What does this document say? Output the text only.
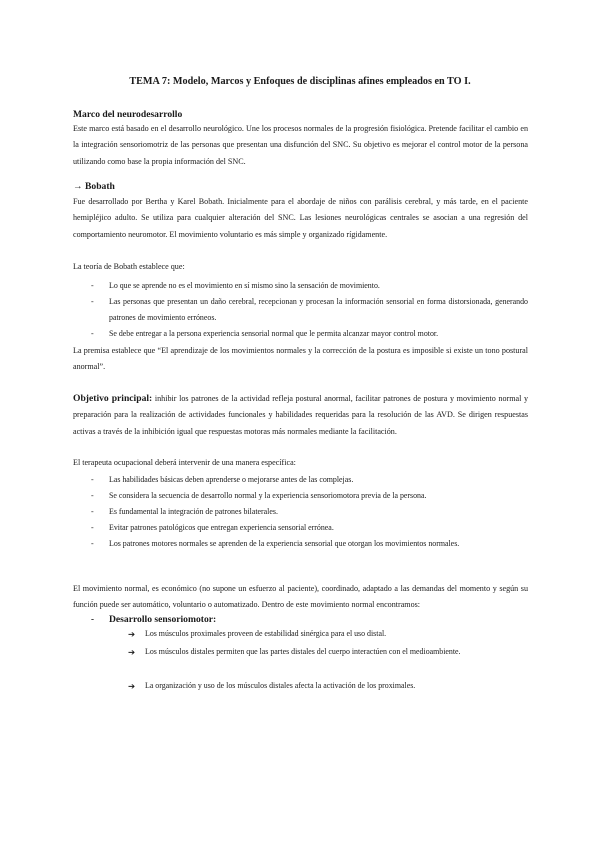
TEMA 7: Modelo, Marcos y Enfoques de disciplinas afines empleados en TO I.
Marco del neurodesarrollo

Este marco está basado en el desarrollo neurológico. Une los procesos normales de la progresión fisiológica. Pretende facilitar el cambio en la integración sensoriomotriz de las personas que presentan una disfunción del SNC. Su objetivo es mejorar el control motor de la persona utilizando como base la propia información del SNC.

→ Bobath

Fue desarrollado por Bertha y Karel Bobath. Inicialmente para el abordaje de niños con parálisis cerebral, y más tarde, en el paciente hemipléjico adulto. Se utiliza para cualquier alteración del SNC. Las lesiones neurológicas centrales se asocian a una regresión del comportamiento neuromotor. El movimiento voluntario es más simple y organizado rígidamente.

La teoría de Bobath establece que:

- Lo que se aprende no es el movimiento en sí mismo sino la sensación de movimiento.
- Las personas que presentan un daño cerebral, recepcionan y procesan la información sensorial en forma distorsionada, generando patrones de movimiento erróneos.
- Se debe entregar a la persona experiencia sensorial normal que le permita alcanzar mayor control motor.

La premisa establece que “El aprendizaje de los movimientos normales y la corrección de la postura es imposible si existe un tono postural anormal”.

Objetivo principal: inhibir los patrones de la actividad refleja postural anormal, facilitar patrones de postura y movimiento normal y preparación para la realización de actividades funcionales y habilidades requeridas para la resolución de las AVD. Se dirigen respuestas activas a través de la inhibición igual que respuestas motoras más normales mediante la facilitación.

El terapeuta ocupacional deberá intervenir de una manera específica:

- Las habilidades básicas deben aprenderse o mejorarse antes de las complejas.
- Se considera la secuencia de desarrollo normal y la experiencia sensoriomotora previa de la persona.
- Es fundamental la integración de patrones bilaterales.
- Evitar patrones patológicos que entregan experiencia sensorial errónea.
- Los patrones motores normales se aprenden de la experiencia sensorial que otorgan los movimientos normales.

El movimiento normal, es económico (no supone un esfuerzo al paciente), coordinado, adaptado a las demandas del momento y según su función puede ser automático, voluntario o automatizado. Dentro de este movimiento normal encontramos:

- Desarrollo sensoriomotor:
➔ Los músculos proximales proveen de estabilidad sinérgica para el uso distal.
➔ Los músculos distales permiten que las partes distales del cuerpo interactúen con el medioambiente.
➔ La organización y uso de los músculos distales afecta la activación de los proximales.
